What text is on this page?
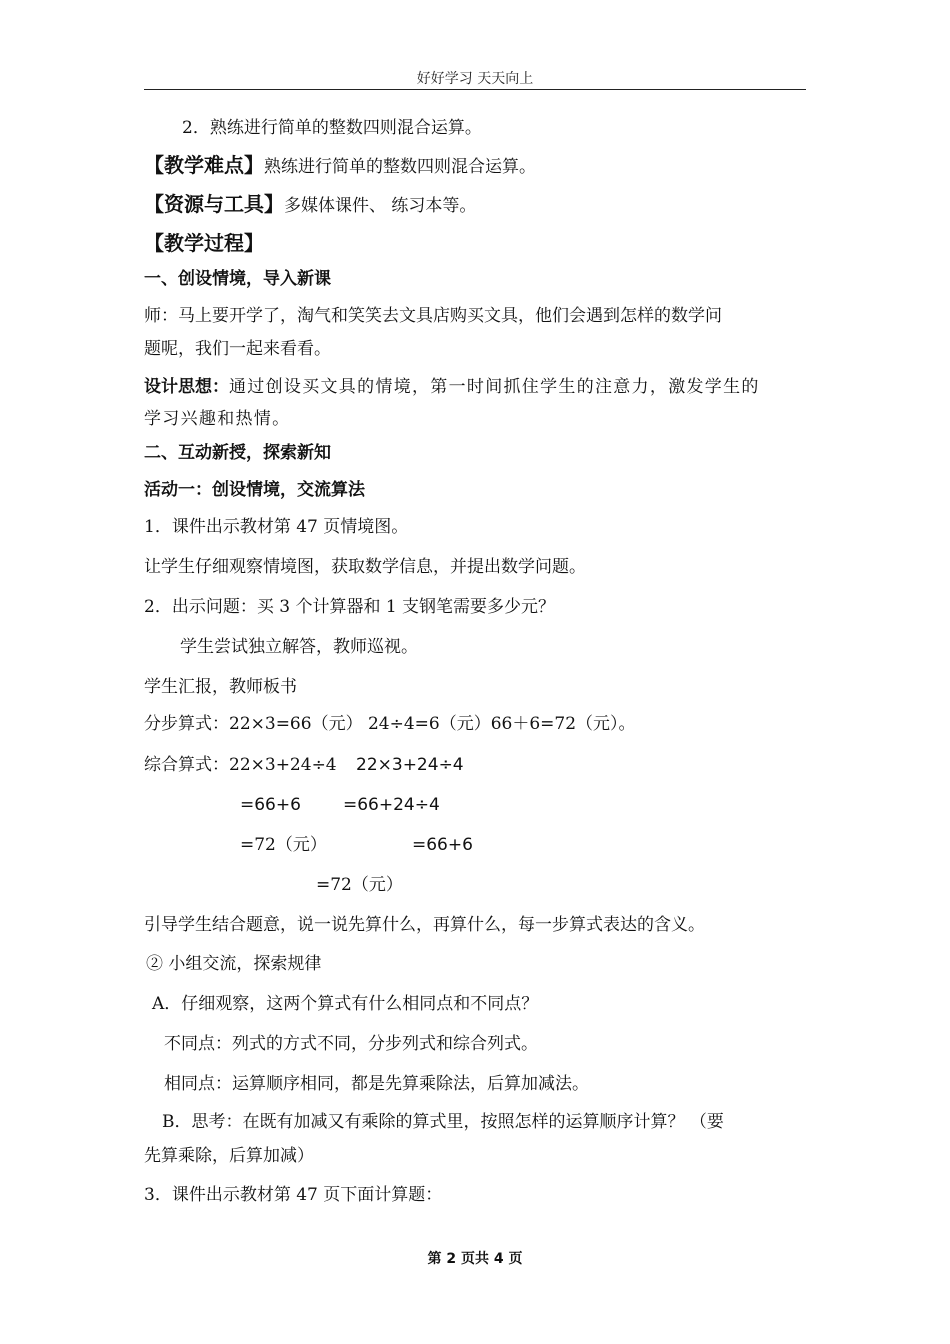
好好学习 天天向上
2．熟练进行简单的整数四则混合运算。
【教学难点】熟练进行简单的整数四则混合运算。
【资源与工具】多媒体课件、 练习本等。
【教学过程】
一、创设情境，导入新课
师：马上要开学了，淘气和笑笑去文具店购买文具，他们会遇到怎样的数学问
题呢，我们一起来看看。
设计思想：通过创设买文具的情境，第一时间抓住学生的注意力，激发学生的
学习兴趣和热情。
二、互动新授，探索新知
活动一：创设情境，交流算法
1．课件出示教材第 47 页情境图。
让学生仔细观察情境图，获取数学信息，并提出数学问题。
2．出示问题：买 3 个计算器和 1 支钢笔需要多少元？
学生尝试独立解答，教师巡视。
学生汇报，教师板书
分步算式：22×3=66（元） 24÷4=6（元）66＋6=72（元）。
综合算式：22×3+24÷4 22×3+24÷4
=66+6 =66+24÷4
=72（元）	=66+6
=72（元）
引导学生结合题意，说一说先算什么，再算什么，每一步算式表达的含义。
② 小组交流，探索规律
A．仔细观察，这两个算式有什么相同点和不同点？
不同点：列式的方式不同，分步列式和综合列式。
相同点：运算顺序相同，都是先算乘除法，后算加减法。
B．思考：在既有加减又有乘除的算式里，按照怎样的运算顺序计算？ （要
先算乘除，后算加减）
3．课件出示教材第 47 页下面计算题：
第 2 页共 4 页
